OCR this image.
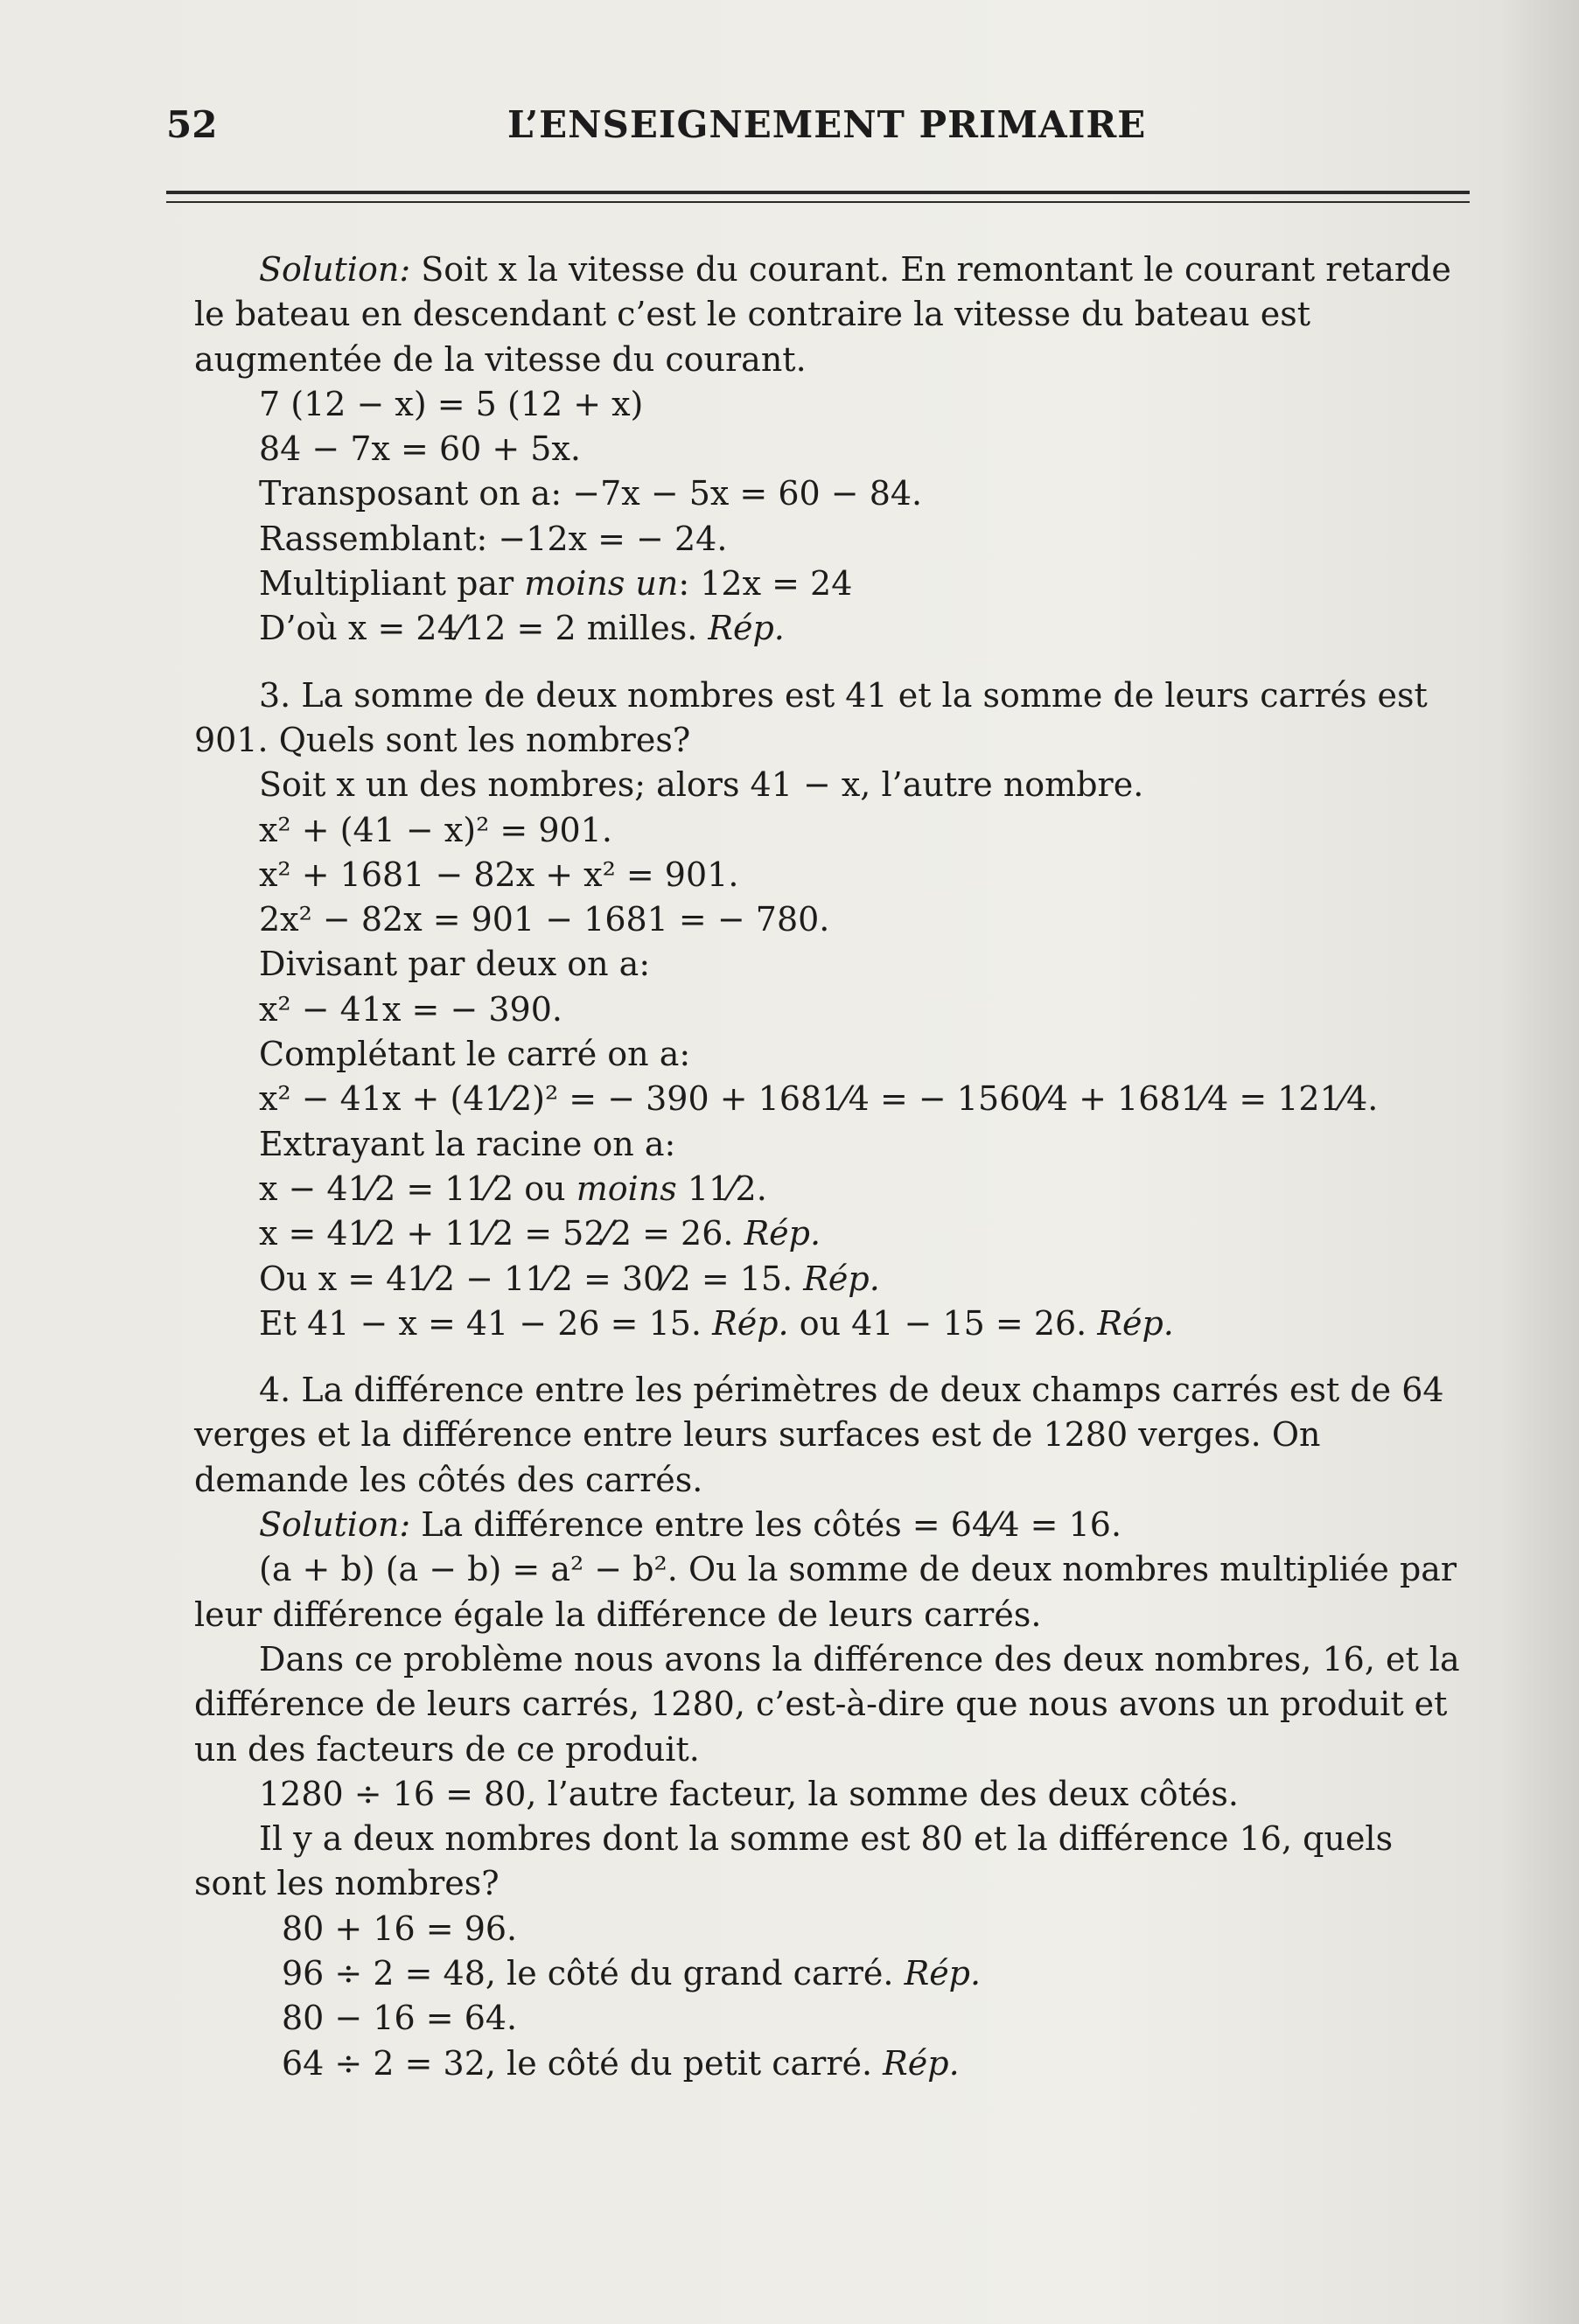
52	L’ENSEIGNEMENT PRIMAIRE

Solution: Soit x la vitesse du courant. En remontant le courant retarde le bateau en descendant c’est le contraire la vitesse du bateau est augmentée de la vitesse du courant.

7 (12 − x) = 5 (12 + x)

84 − 7x = 60 + 5x.

Transposant on a: −7x − 5x = 60 − 84.

Rassemblant: −12x = − 24.

Multipliant par moins un: 12x = 24

D’où x = 24⁄12 = 2 milles. Rép.

3. La somme de deux nombres est 41 et la somme de leurs carrés est 901. Quels sont les nombres?

Soit x un des nombres; alors 41 − x, l’autre nombre.

x² + (41 − x)² = 901.

x² + 1681 − 82x + x² = 901.

2x² − 82x = 901 − 1681 = − 780.

Divisant par deux on a:

x² − 41x = − 390.

Complétant le carré on a:

x² − 41x + (41⁄2)² = − 390 + 1681⁄4 = − 1560⁄4 + 1681⁄4 = 121⁄4.

Extrayant la racine on a:

x − 41⁄2 = 11⁄2 ou moins 11⁄2.

x = 41⁄2 + 11⁄2 = 52⁄2 = 26. Rép.

Ou x = 41⁄2 − 11⁄2 = 30⁄2 = 15. Rép.

Et 41 − x = 41 − 26 = 15. Rép. ou 41 − 15 = 26. Rép.

4. La différence entre les périmètres de deux champs carrés est de 64 verges et la différence entre leurs surfaces est de 1280 verges. On demande les côtés des carrés.

Solution: La différence entre les côtés = 64⁄4 = 16.

(a + b) (a − b) = a² − b². Ou la somme de deux nombres multipliée par leur différence égale la différence de leurs carrés.

Dans ce problème nous avons la différence des deux nombres, 16, et la différence de leurs carrés, 1280, c’est-à-dire que nous avons un produit et un des facteurs de ce produit.

1280 ÷ 16 = 80, l’autre facteur, la somme des deux côtés.

Il y a deux nombres dont la somme est 80 et la différence 16, quels sont les nombres?

80 + 16 = 96.

96 ÷ 2 = 48, le côté du grand carré. Rép.

80 − 16 = 64.

64 ÷ 2 = 32, le côté du petit carré. Rép.
